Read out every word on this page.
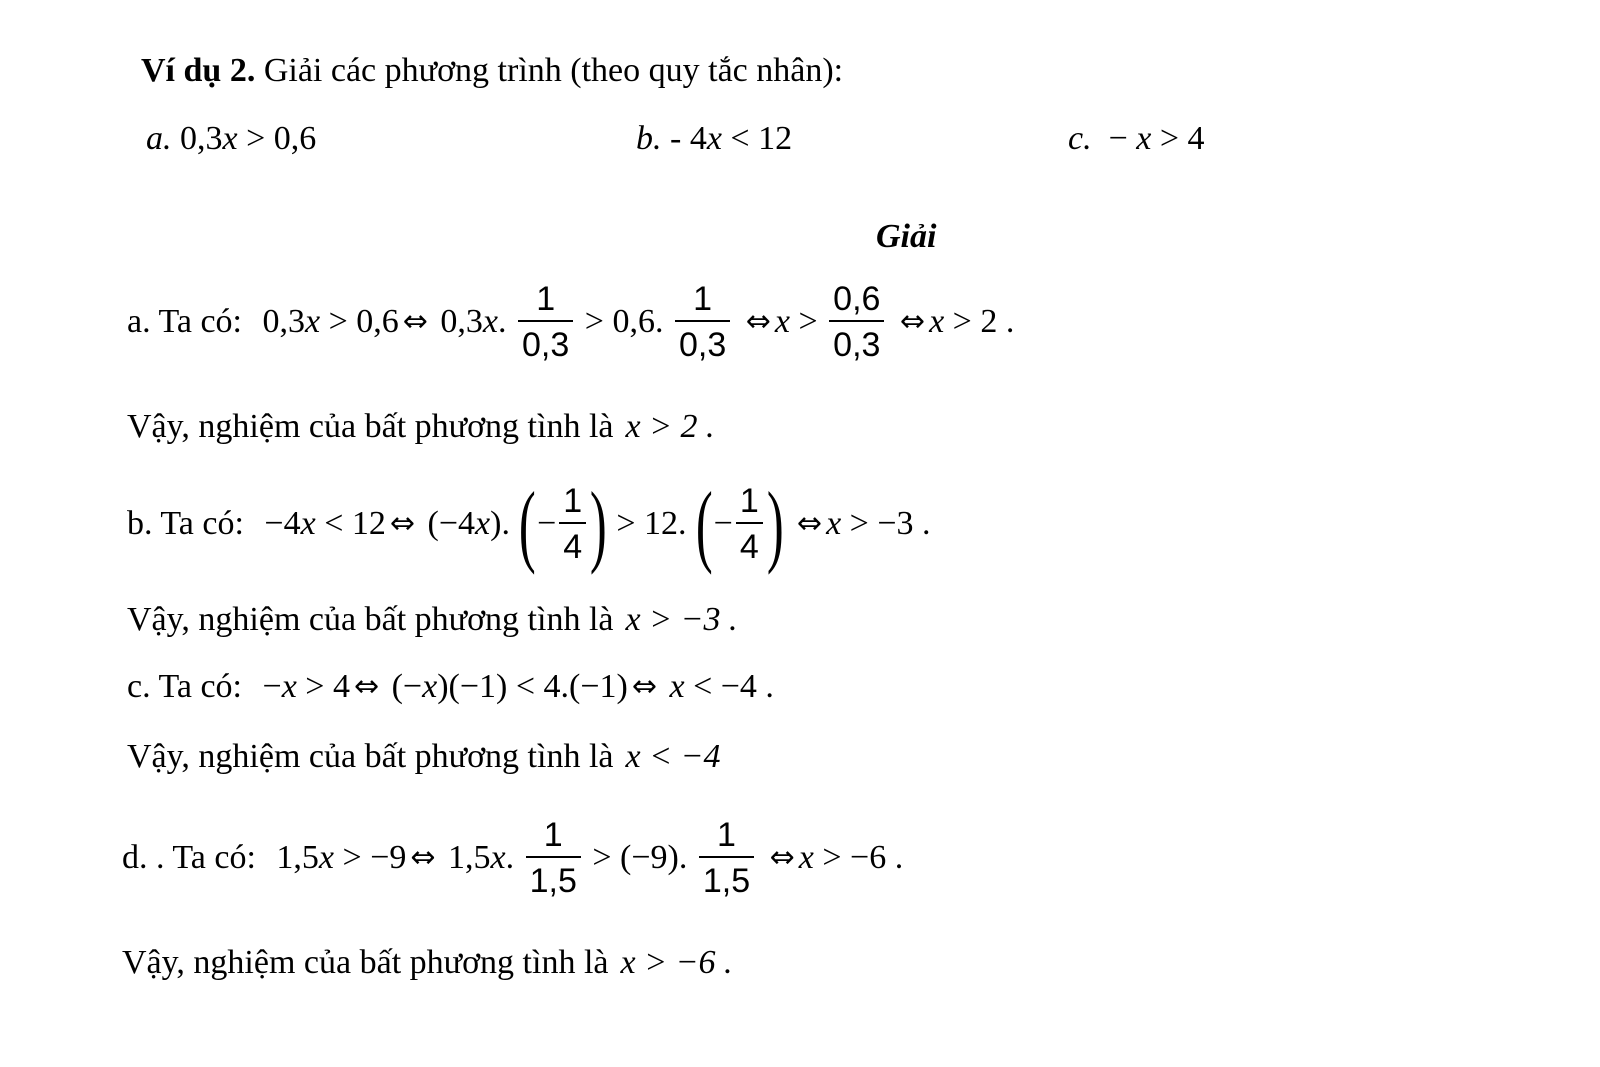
Ví dụ 2. Giải các phương trình (theo quy tắc nhân):
a. 0,3x > 0,6	b. - 4x < 12	c.  − x > 4
Giải
a. Ta có: 0,3x > 0,6 ⇔ 0,3x. $\frac{1}{0,3} > 0,6$. $\frac{1}{0,3}$ ⇔ $x > \frac{0,6}{0,3}$ ⇔ x > 2 .
Vậy, nghiệm của bất phương tình là x > 2 .
b. Ta có: −4x < 12 ⇔ (−4x). ( − $\frac{1}{4}$ ) > 12. ( − $\frac{1}{4}$ ) ⇔ x > −3 .
Vậy, nghiệm của bất phương tình là x > −3 .
c. Ta có: −x > 4 ⇔ (−x)(−1) < 4.(−1) ⇔ x < −4 .
Vậy, nghiệm của bất phương tình là x < −4
d. . Ta có: 1,5x > −9 ⇔ 1,5x. $\frac{1}{1,5} > (-9)$. $\frac{1}{1,5}$ ⇔ x > −6 .
Vậy, nghiệm của bất phương tình là x > −6 .
